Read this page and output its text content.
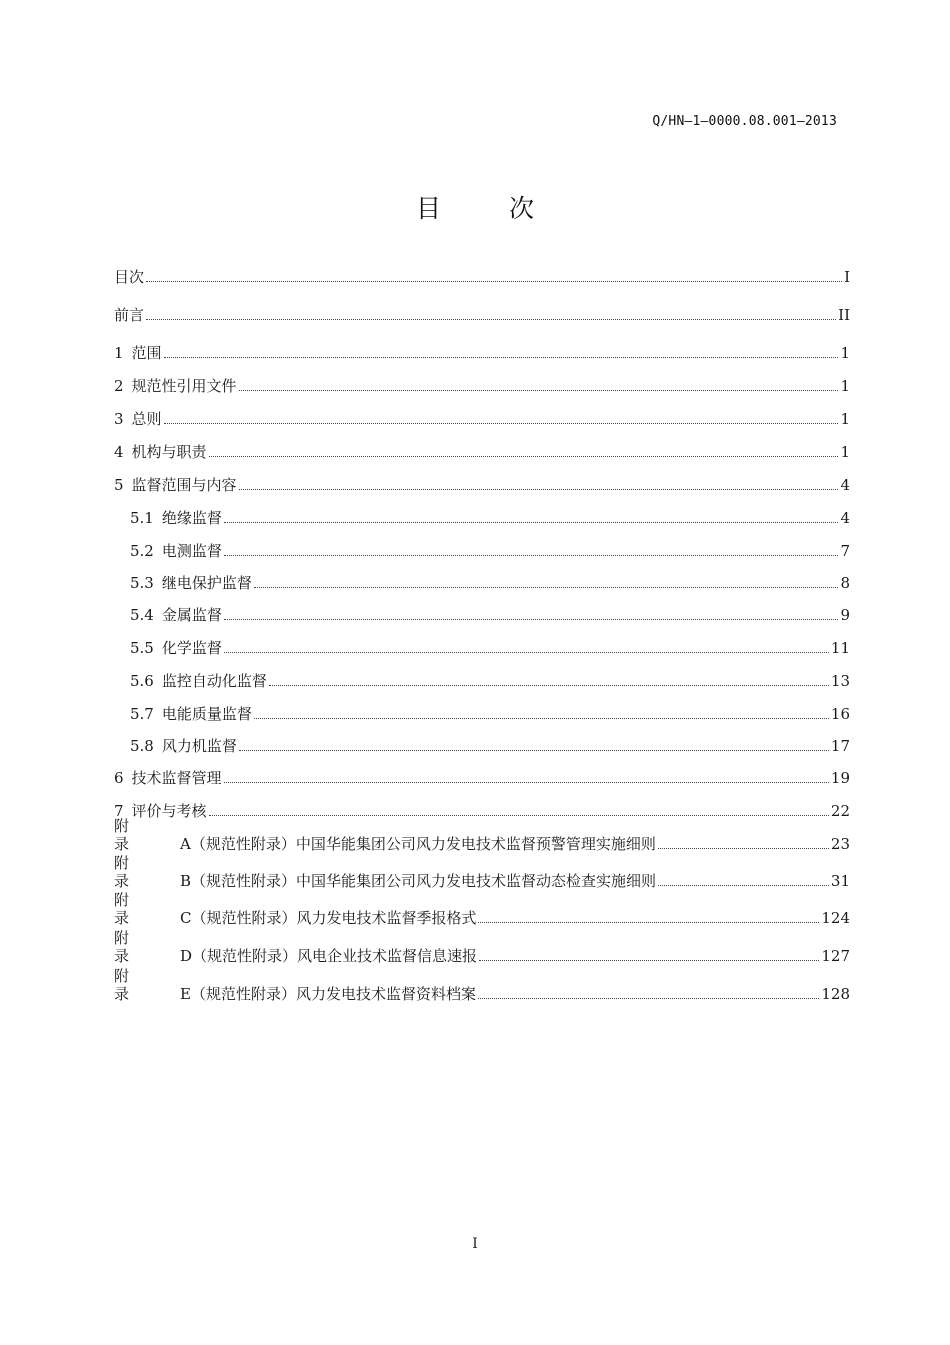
Q/HN—1—0000.08.001—2013
目 次
目次	I
前言	II
1 范围	1
2 规范性引用文件	1
3 总则	1
4 机构与职责	1
5 监督范围与内容	4
5.1 绝缘监督	4
5.2 电测监督	7
5.3 继电保护监督	8
5.4 金属监督	9
5.5 化学监督	11
5.6 监控自动化监督	13
5.7 电能质量监督	16
5.8 风力机监督	17
6 技术监督管理	19
7 评价与考核	22
附 录	A（规范性附录）中国华能集团公司风力发电技术监督预警管理实施细则	23
附 录	B（规范性附录）中国华能集团公司风力发电技术监督动态检查实施细则	31
附 录	C（规范性附录）风力发电技术监督季报格式	124
附 录	D（规范性附录）风电企业技术监督信息速报	127
附 录	E（规范性附录）风力发电技术监督资料档案	128
I
